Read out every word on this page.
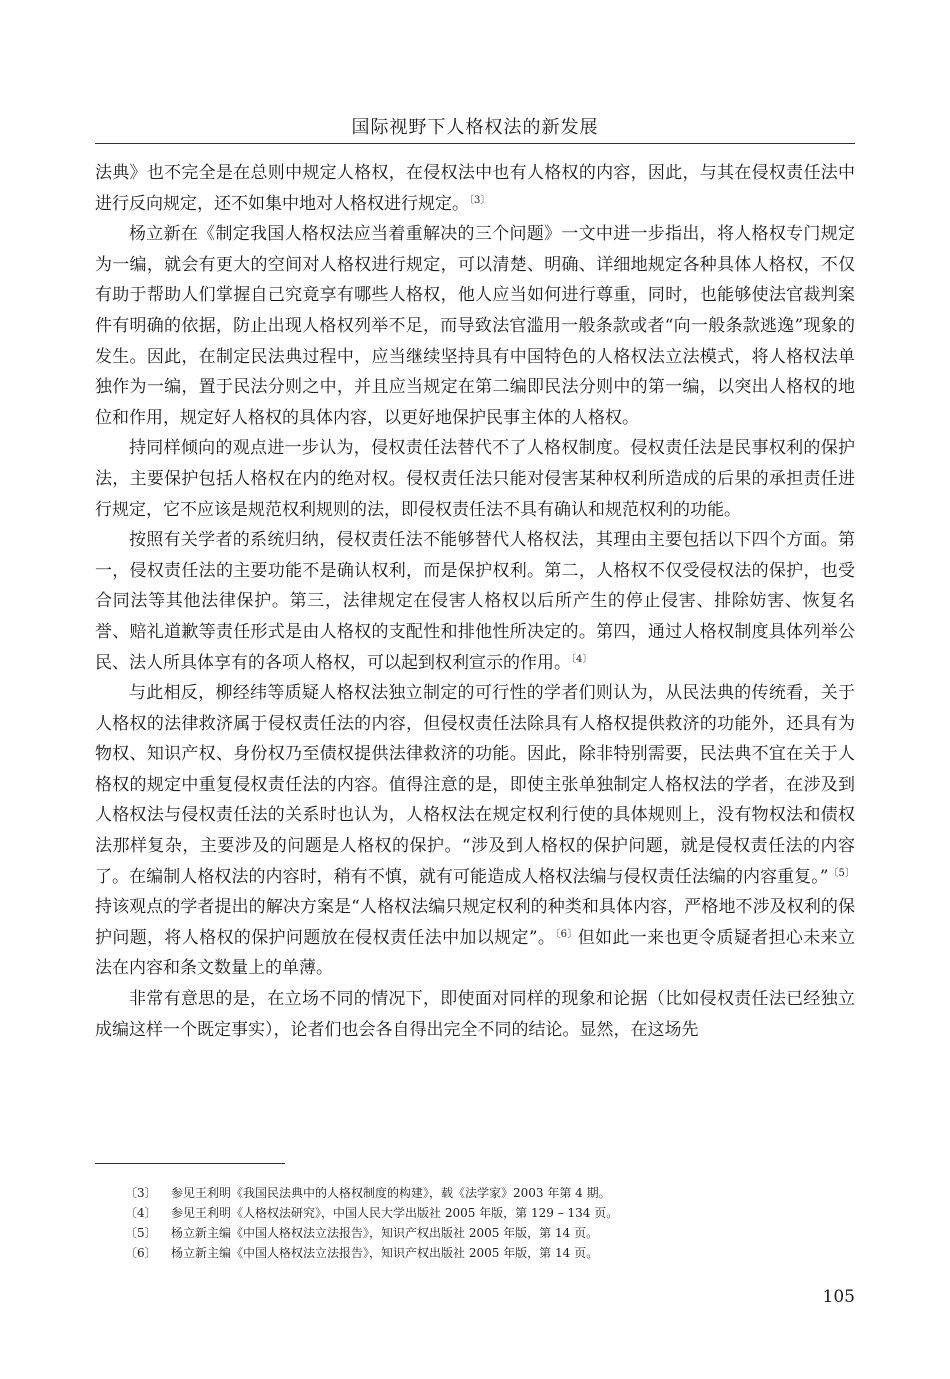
国际视野下人格权法的新发展

法典》也不完全是在总则中规定人格权，在侵权法中也有人格权的内容，因此，与其在侵权责任法中进行反向规定，还不如集中地对人格权进行规定。$^{〔3〕}$

杨立新在《制定我国人格权法应当着重解决的三个问题》一文中进一步指出，将人格权专门规定为一编，就会有更大的空间对人格权进行规定，可以清楚、明确、详细地规定各种具体人格权，不仅有助于帮助人们掌握自己究竟享有哪些人格权，他人应当如何进行尊重，同时，也能够使法官裁判案件有明确的依据，防止出现人格权列举不足，而导致法官滥用一般条款或者“向一般条款逃逸”现象的发生。因此，在制定民法典过程中，应当继续坚持具有中国特色的人格权法立法模式，将人格权法单独作为一编，置于民法分则之中，并且应当规定在第二编即民法分则中的第一编，以突出人格权的地位和作用，规定好人格权的具体内容，以更好地保护民事主体的人格权。

持同样倾向的观点进一步认为，侵权责任法替代不了人格权制度。侵权责任法是民事权利的保护法，主要保护包括人格权在内的绝对权。侵权责任法只能对侵害某种权利所造成的后果的承担责任进行规定，它不应该是规范权利规则的法，即侵权责任法不具有确认和规范权利的功能。

按照有关学者的系统归纳，侵权责任法不能够替代人格权法，其理由主要包括以下四个方面。第一，侵权责任法的主要功能不是确认权利，而是保护权利。第二，人格权不仅受侵权法的保护，也受合同法等其他法律保护。第三，法律规定在侵害人格权以后所产生的停止侵害、排除妨害、恢复名誉、赔礼道歉等责任形式是由人格权的支配性和排他性所决定的。第四，通过人格权制度具体列举公民、法人所具体享有的各项人格权，可以起到权利宣示的作用。$^{〔4〕}$

与此相反，柳经纬等质疑人格权法独立制定的可行性的学者们则认为，从民法典的传统看，关于人格权的法律救济属于侵权责任法的内容，但侵权责任法除具有人格权提供救济的功能外，还具有为物权、知识产权、身份权乃至债权提供法律救济的功能。因此，除非特别需要，民法典不宜在关于人格权的规定中重复侵权责任法的内容。值得注意的是，即使主张单独制定人格权法的学者，在涉及到人格权法与侵权责任法的关系时也认为，人格权法在规定权利行使的具体规则上，没有物权法和债权法那样复杂，主要涉及的问题是人格权的保护。“涉及到人格权的保护问题，就是侵权责任法的内容了。在编制人格权法的内容时，稍有不慎，就有可能造成人格权法编与侵权责任法编的内容重复。”$^{〔5〕}$持该观点的学者提出的解决方案是“人格权法编只规定权利的种类和具体内容，严格地不涉及权利的保护问题，将人格权的保护问题放在侵权责任法中加以规定”。$^{〔6〕}$但如此一来也更令质疑者担心未来立法在内容和条文数量上的单薄。

非常有意思的是，在立场不同的情况下，即使面对同样的现象和论据（比如侵权责任法已经独立成编这样一个既定事实），论者们也会各自得出完全不同的结论。显然，在这场先

〔3〕	参见王利明《我国民法典中的人格权制度的构建》，载《法学家》2003 年第 4 期。
〔4〕	参见王利明《人格权法研究》，中国人民大学出版社 2005 年版，第 129 – 134 页。
〔5〕	杨立新主编《中国人格权法立法报告》，知识产权出版社 2005 年版，第 14 页。
〔6〕	杨立新主编《中国人格权法立法报告》，知识产权出版社 2005 年版，第 14 页。
105
